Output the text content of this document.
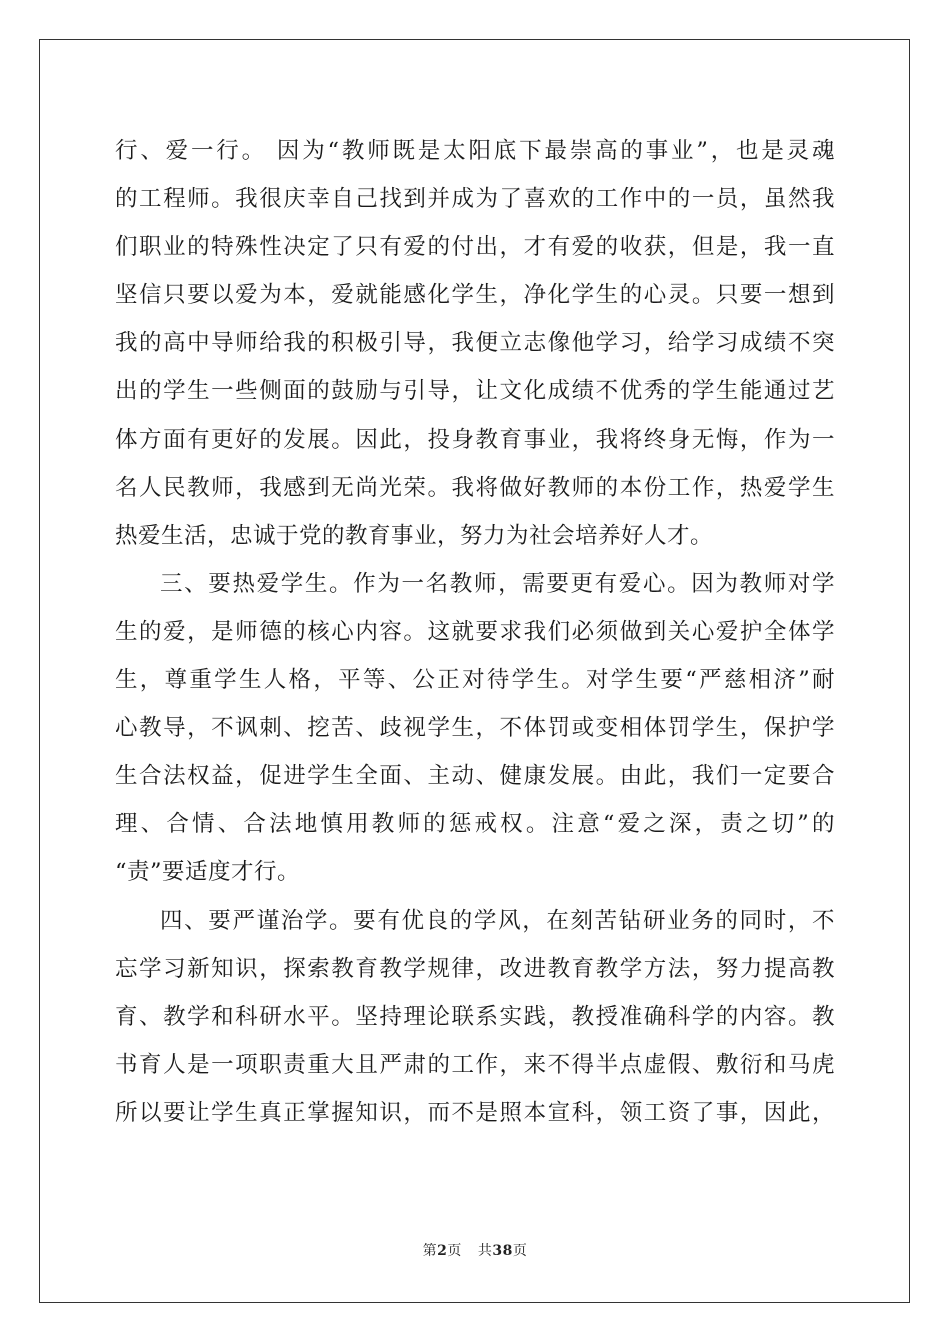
行、爱一行。 因为“教师既是太阳底下最崇高的事业”，也是灵魂
的工程师。我很庆幸自己找到并成为了喜欢的工作中的一员，虽然我
们职业的特殊性决定了只有爱的付出，才有爱的收获，但是，我一直
坚信只要以爱为本，爱就能感化学生，净化学生的心灵。只要一想到
我的高中导师给我的积极引导，我便立志像他学习，给学习成绩不突
出的学生一些侧面的鼓励与引导，让文化成绩不优秀的学生能通过艺
体方面有更好的发展。因此，投身教育事业，我将终身无悔，作为一
名人民教师，我感到无尚光荣。我将做好教师的本份工作，热爱学生
热爱生活，忠诚于党的教育事业，努力为社会培养好人才。
三、要热爱学生。作为一名教师，需要更有爱心。因为教师对学
生的爱，是师德的核心内容。这就要求我们必须做到关心爱护全体学
生，尊重学生人格，平等、公正对待学生。对学生要“严慈相济”耐
心教导，不讽刺、挖苦、歧视学生，不体罚或变相体罚学生，保护学
生合法权益，促进学生全面、主动、健康发展。由此，我们一定要合
理、合情、合法地慎用教师的惩戒权。注意“爱之深，责之切”的
“责”要适度才行。
四、要严谨治学。要有优良的学风，在刻苦钻研业务的同时，不
忘学习新知识，探索教育教学规律，改进教育教学方法，努力提高教
育、教学和科研水平。坚持理论联系实践，教授准确科学的内容。教
书育人是一项职责重大且严肃的工作，来不得半点虚假、敷衍和马虎
所以要让学生真正掌握知识，而不是照本宣科，领工资了事，因此，
第2页 共38页
